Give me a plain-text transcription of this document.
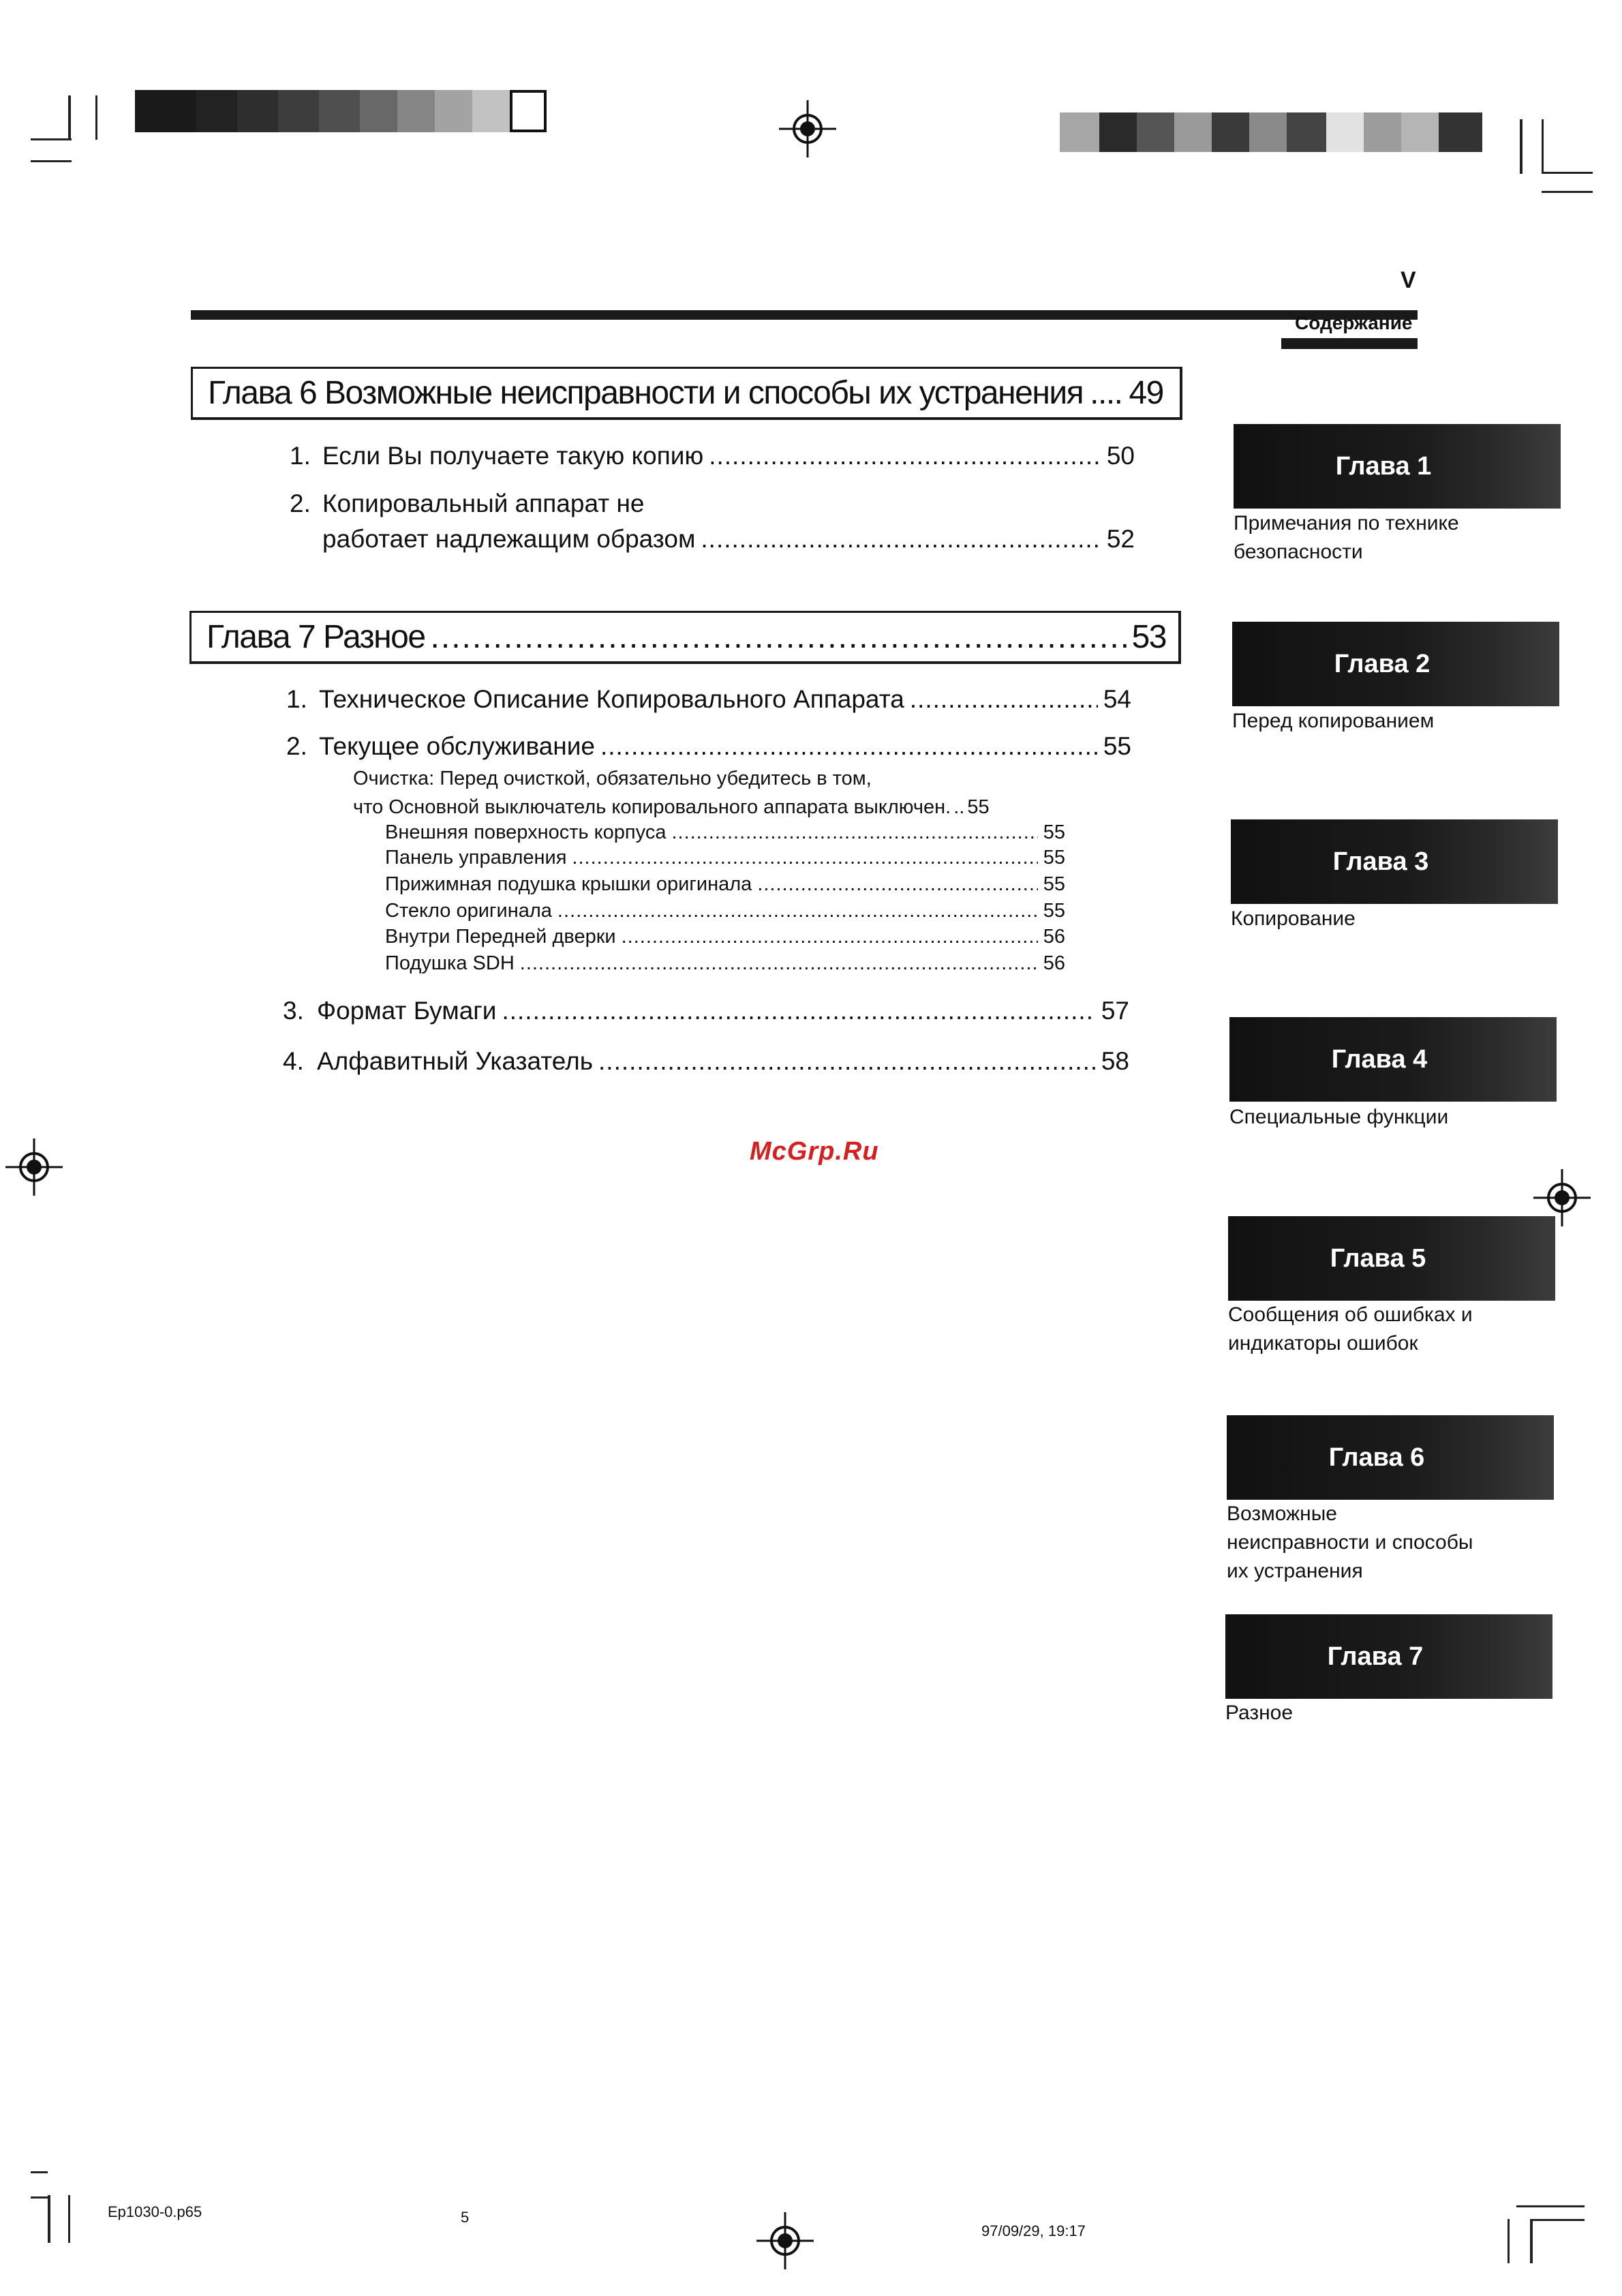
V
Содержание
Глава 6 Возможные неисправности и способы их устранения .... 49
1. Если Вы получаете такую копию .....	50
2. Копировальный аппарат не
работает надлежащим образом .....	52
Глава 7 Разное .....	53
1. Техническое Описание Копировального Аппарата .....	54
2. Текущее обслуживание .....	55
Очистка: Перед очисткой, обязательно убедитесь в том,
что Основной выключатель копировального аппарата выключен. .. 55
Внешняя поверхность корпуса .....	55
Панель управления .....	55
Прижимная подушка крышки оригинала .....	55
Стекло оригинала .....	55
Внутри Передней дверки .....	56
Подушка SDH .....	56
3. Формат Бумаги .....	57
4. Алфавитный Указатель .....	58
McGrp.Ru
Глава 1
Примечания по технике
безопасности
Глава 2
Перед копированием
Глава 3
Копирование
Глава 4
Специальные функции
Глава 5
Сообщения об ошибках и
индикаторы ошибок
Глава 6
Возможные
неисправности и способы
их устранения
Глава 7
Разное
Ep1030-0.p65	5
97/09/29, 19:17
